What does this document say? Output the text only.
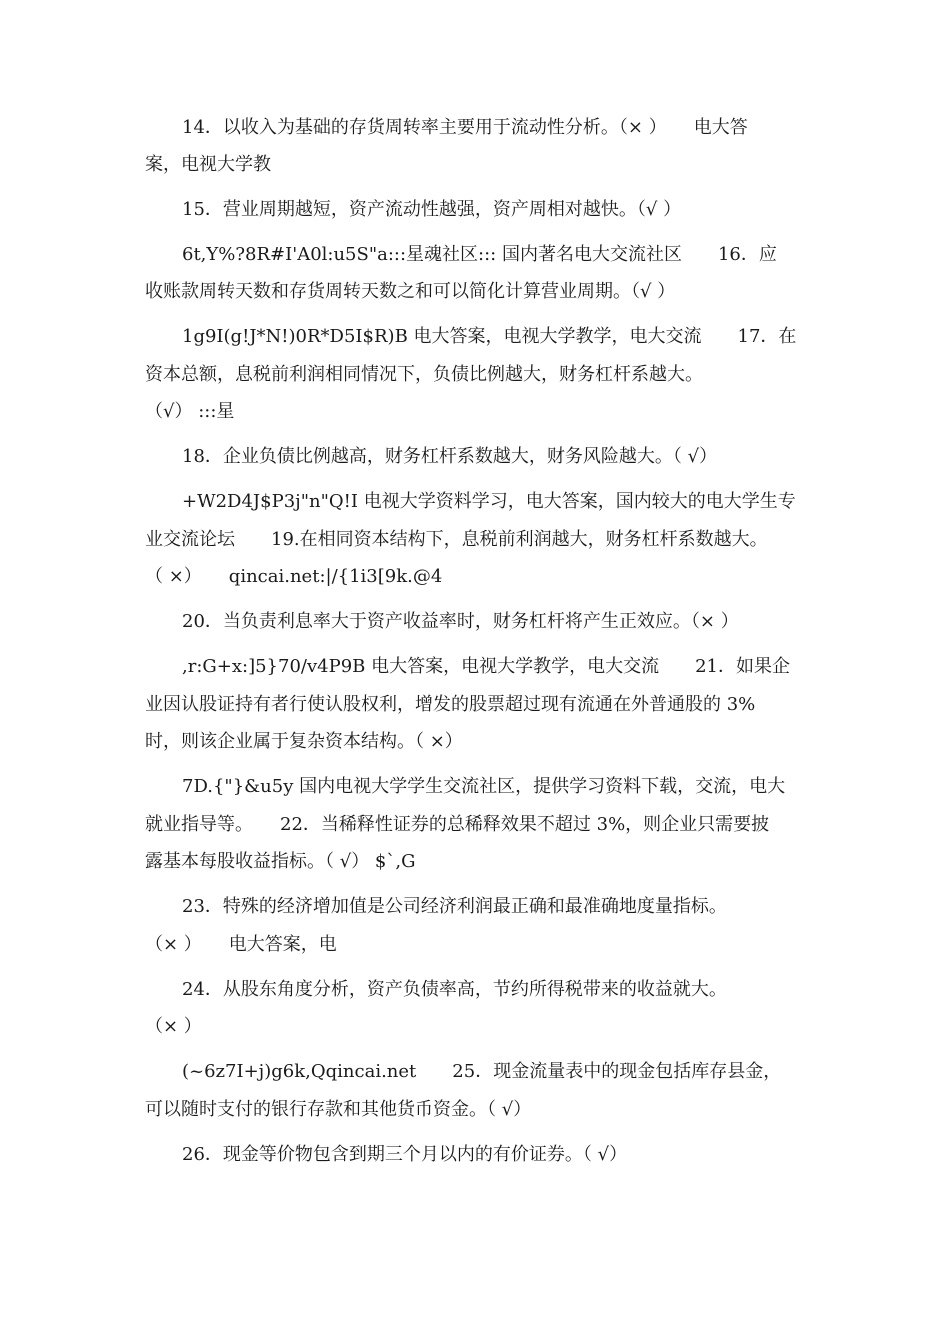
14．以收入为基础的存货周转率主要用于流动性分析。（× ）　　电大答
案，电视大学教
15．营业周期越短，资产流动性越强，资产周相对越快。（√ ）
6t,Y%?8R#I'A0l:u5S"a:::星魂社区::: 国内著名电大交流社区　　16．应
收账款周转天数和存货周转天数之和可以简化计算营业周期。（√ ）
1g9I(g!J*N!)0R*D5I$R)B 电大答案，电视大学教学，电大交流　　17．在
资本总额，息税前利润相同情况下，负债比例越大，财务杠杆系越大。
（√） :::星
18．企业负债比例越高，财务杠杆系数越大，财务风险越大。（ √）
+W2D4J$P3j"n"Q!I 电视大学资料学习，电大答案，国内较大的电大学生专
业交流论坛　　19.在相同资本结构下，息税前利润越大，财务杠杆系数越大。
（ ×）　　qincai.net:|/{1i3[9k.@4
20．当负责利息率大于资产收益率时，财务杠杆将产生正效应。（× ）
,r:G+x:]5}70/v4P9B 电大答案，电视大学教学，电大交流　　21．如果企
业因认股证持有者行使认股权利，增发的股票超过现有流通在外普通股的 3%
时，则该企业属于复杂资本结构。（ ×）
7D.{"}&u5y 国内电视大学学生交流社区，提供学习资料下载，交流，电大
就业指导等。　　22．当稀释性证券的总稀释效果不超过 3%，则企业只需要披
露基本每股收益指标。（ √） $`,G
23．特殊的经济增加值是公司经济利润最正确和最准确地度量指标。
（× ）　　电大答案，电
24．从股东角度分析，资产负债率高，节约所得税带来的收益就大。
（× ）
(~6z7I+j)g6k,Qqincai.net　　25．现金流量表中的现金包括库存县金，
可以随时支付的银行存款和其他货币资金。（ √）
26．现金等价物包含到期三个月以内的有价证券。（ √）
